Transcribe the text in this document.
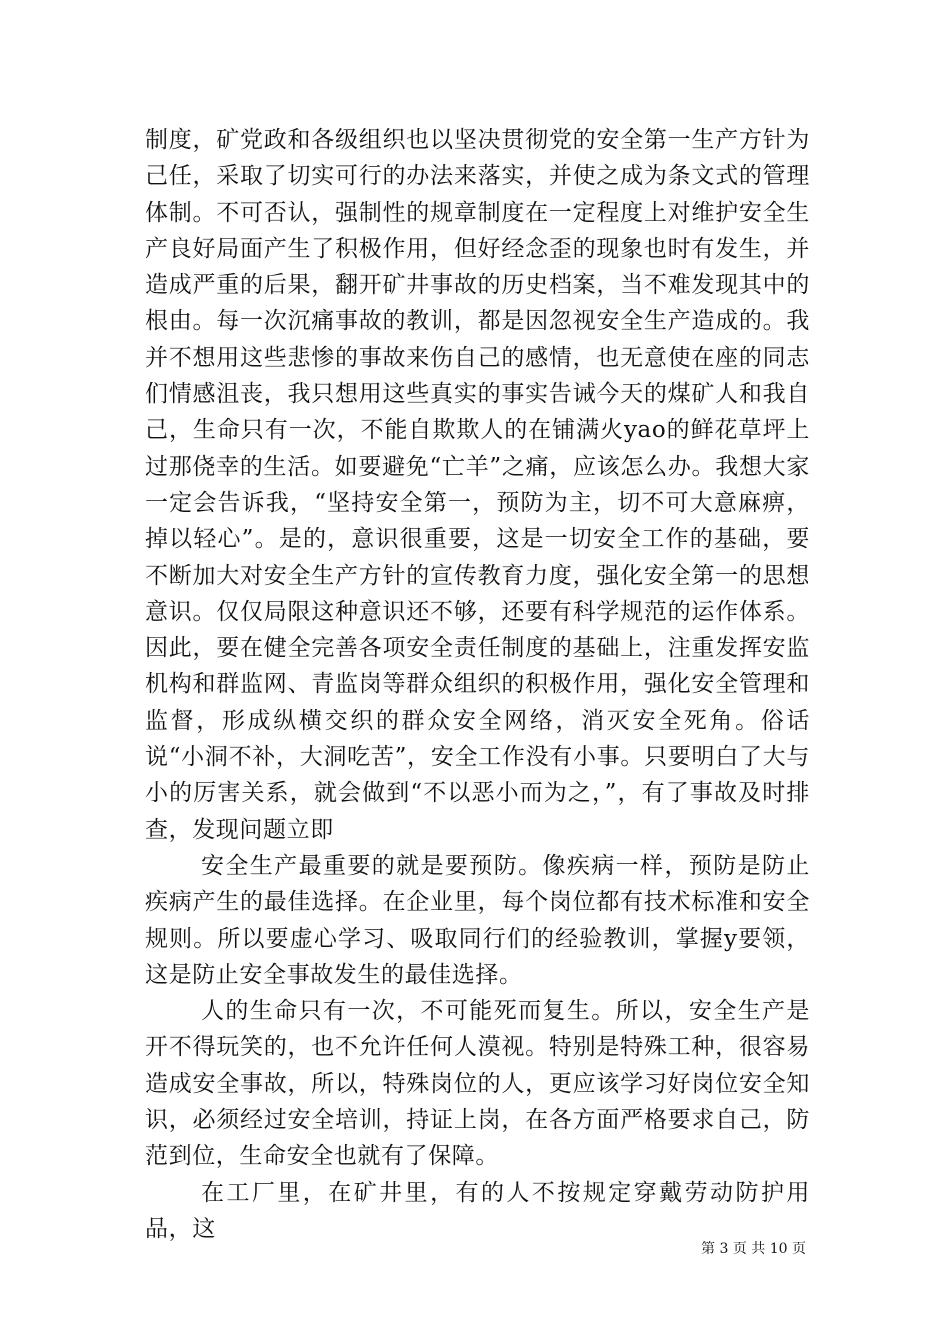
制度，矿党政和各级组织也以坚决贯彻党的安全第一生产方针为己任，采取了切实可行的办法来落实，并使之成为条文式的管理体制。不可否认，强制性的规章制度在一定程度上对维护安全生产良好局面产生了积极作用，但好经念歪的现象也时有发生，并造成严重的后果，翻开矿井事故的历史档案，当不难发现其中的根由。每一次沉痛事故的教训，都是因忽视安全生产造成的。我并不想用这些悲惨的事故来伤自己的感情，也无意使在座的同志们情感沮丧，我只想用这些真实的事实告诫今天的煤矿人和我自己，生命只有一次，不能自欺欺人的在铺满火yao的鲜花草坪上过那侥幸的生活。如要避免“亡羊”之痛，应该怎么办。我想大家一定会告诉我，“坚持安全第一，预防为主，切不可大意麻痹，掉以轻心”。是的，意识很重要，这是一切安全工作的基础，要不断加大对安全生产方针的宣传教育力度，强化安全第一的思想意识。仅仅局限这种意识还不够，还要有科学规范的运作体系。因此，要在健全完善各项安全责任制度的基础上，注重发挥安监机构和群监网、青监岗等群众组织的积极作用，强化安全管理和监督，形成纵横交织的群众安全网络，消灭安全死角。俗话说“小洞不补，大洞吃苦”，安全工作没有小事。只要明白了大与小的厉害关系，就会做到“不以恶小而为之，”，有了事故及时排查，发现问题立即

安全生产最重要的就是要预防。像疾病一样，预防是防止疾病产生的最佳选择。在企业里，每个岗位都有技术标准和安全规则。所以要虚心学习、吸取同行们的经验教训，掌握y要领，这是防止安全事故发生的最佳选择。

人的生命只有一次，不可能死而复生。所以，安全生产是开不得玩笑的，也不允许任何人漠视。特别是特殊工种，很容易造成安全事故，所以，特殊岗位的人，更应该学习好岗位安全知识，必须经过安全培训，持证上岗，在各方面严格要求自己，防范到位，生命安全也就有了保障。

在工厂里，在矿井里，有的人不按规定穿戴劳动防护用品，这

第 3 页 共 10 页
